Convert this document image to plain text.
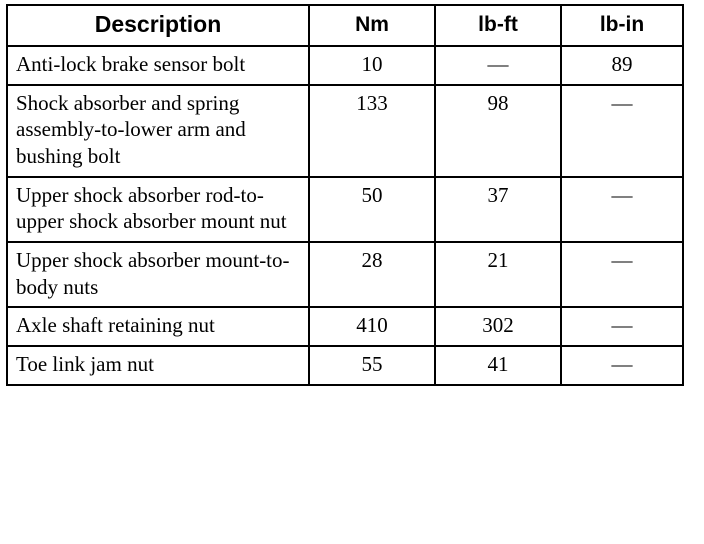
Description	Nm	lb-ft	lb-in
Anti-lock brake sensor bolt	10	—	89
Shock absorber and spring assembly-to-lower arm and bushing bolt	133	98	—
Upper shock absorber rod-to-upper shock absorber mount nut	50	37	—
Upper shock absorber mount-to-body nuts	28	21	—
Axle shaft retaining nut	410	302	—
Toe link jam nut	55	41	—
